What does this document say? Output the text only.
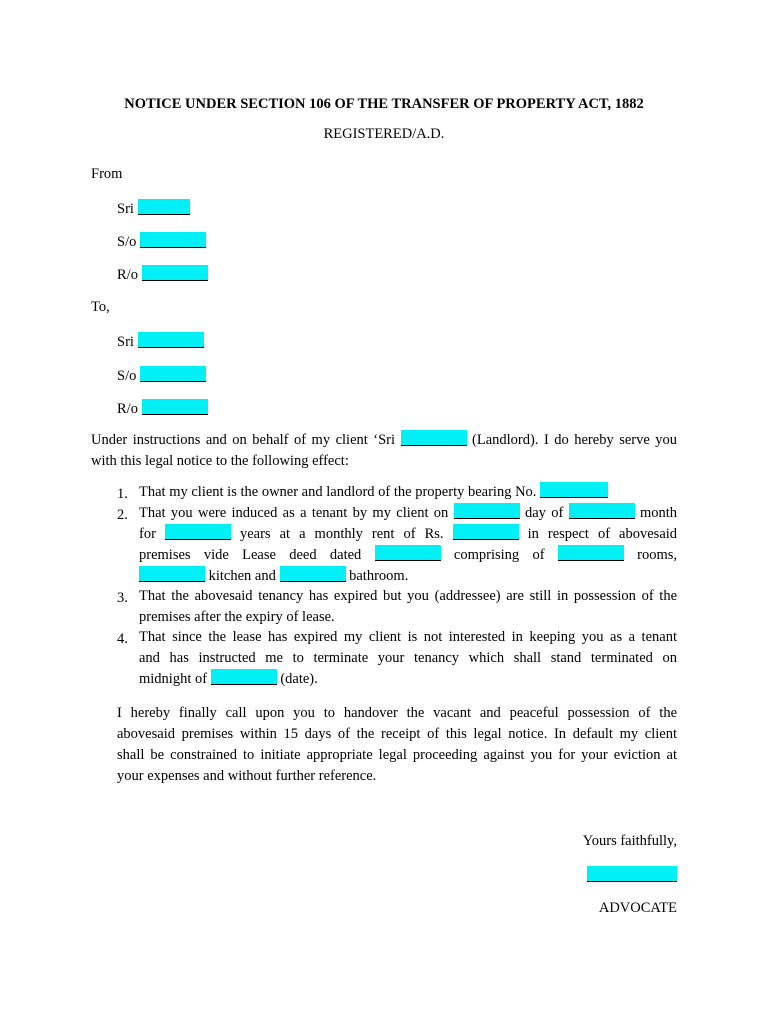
NOTICE UNDER SECTION 106 OF THE TRANSFER OF PROPERTY ACT, 1882
REGISTERED/A.D.
From
Sri
S/o
R/o
To,
Sri
S/o
R/o
Under instructions and on behalf of my client ‘Sri	(Landlord). I do hereby serve you
with this legal notice to the following effect:
1. That my client is the owner and landlord of the property bearing No.
2. That you were induced as a tenant by my client on	day of	month
for	years at a monthly rent of Rs.	in respect of abovesaid
premises vide Lease deed dated	comprising of	rooms,
kitchen and	bathroom.
3. That the abovesaid tenancy has expired but you (addressee) are still in possession of the
premises after the expiry of lease.
4. That since the lease has expired my client is not interested in keeping you as a tenant
and has instructed me to terminate your tenancy which shall stand terminated on
midnight of	(date).
I hereby finally call upon you to handover the vacant and peaceful possession of the
abovesaid premises within 15 days of the receipt of this legal notice. In default my client
shall be constrained to initiate appropriate legal proceeding against you for your eviction at
your expenses and without further reference.
Yours faithfully,
ADVOCATE
